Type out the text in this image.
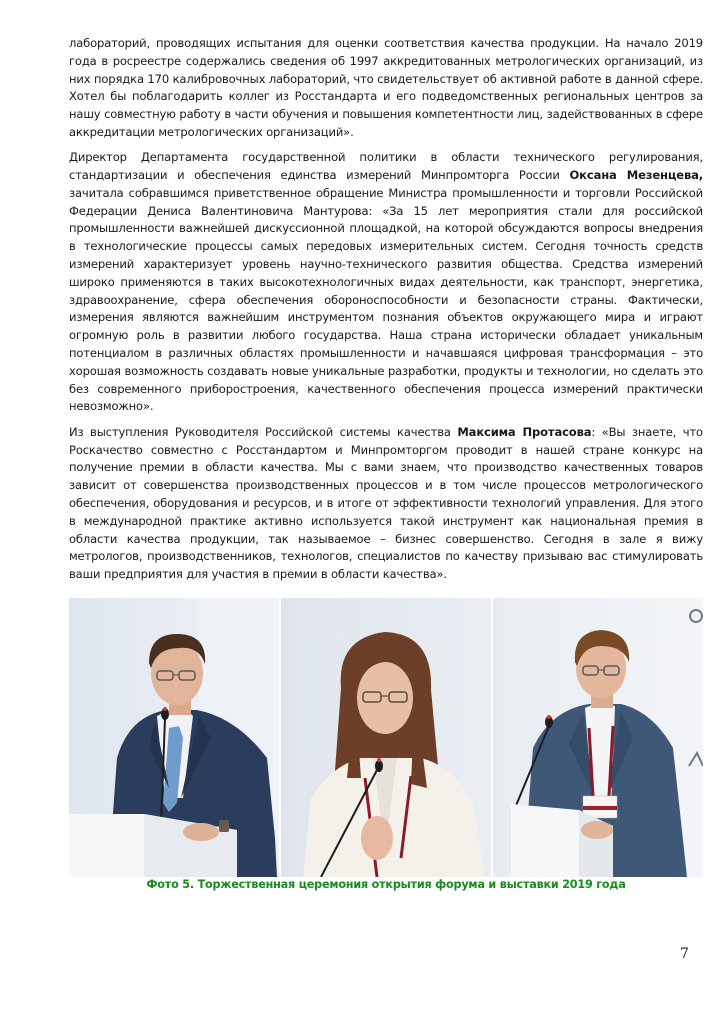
лабораторий, проводящих испытания для оценки соответствия качества продукции. На начало 2019 года в росреестре содержались сведения об 1997 аккредитованных метрологических организаций, из них порядка 170 калибровочных лабораторий, что свидетельствует об активной работе в данной сфере. Хотел бы поблагодарить коллег из Росстандарта и его подведомственных региональных центров за нашу совместную работу в части обучения и повышения компетентности лиц, задействованных в сфере аккредитации метрологических организаций».

Директор Департамента государственной политики в области технического регулирования, стандартизации и обеспечения единства измерений Минпромторга России Оксана Мезенцева, зачитала собравшимся приветственное обращение Министра промышленности и торговли Российской Федерации Дениса Валентиновича Мантурова: «За 15 лет мероприятия стали для российской промышленности важнейшей дискуссионной площадкой, на которой обсуждаются вопросы внедрения в технологические процессы самых передовых измерительных систем. Сегодня точность средств измерений характеризует уровень научно-технического развития общества. Средства измерений широко применяются в таких высокотехнологичных видах деятельности, как транспорт, энергетика, здравоохранение, сфера обеспечения обороноспособности и безопасности страны. Фактически, измерения являются важнейшим инструментом познания объектов окружающего мира и играют огромную роль в развитии любого государства. Наша страна исторически обладает уникальным потенциалом в различных областях промышленности и начавшаяся цифровая трансформация – это хорошая возможность создавать новые уникальные разработки, продукты и технологии, но сделать это без современного приборостроения, качественного обеспечения процесса измерений практически невозможно».

Из выступления Руководителя Российской системы качества Максима Протасова: «Вы знаете, что Роскачество совместно с Росстандартом и Минпромторгом проводит в нашей стране конкурс на получение премии в области качества. Мы с вами знаем, что производство качественных товаров зависит от совершенства производственных процессов и в том числе процессов метрологического обеспечения, оборудования и ресурсов, и в итоге от эффективности технологий управления. Для этого в международной практике активно используется такой инструмент как национальная премия в области качества продукции, так называемое – бизнес совершенство. Сегодня в зале я вижу метрологов, производственников, технологов, специалистов по качеству призываю вас стимулировать ваши предприятия для участия в премии в области качества».

Фото 5. Торжественная церемония открытия форума и выставки 2019 года
7
